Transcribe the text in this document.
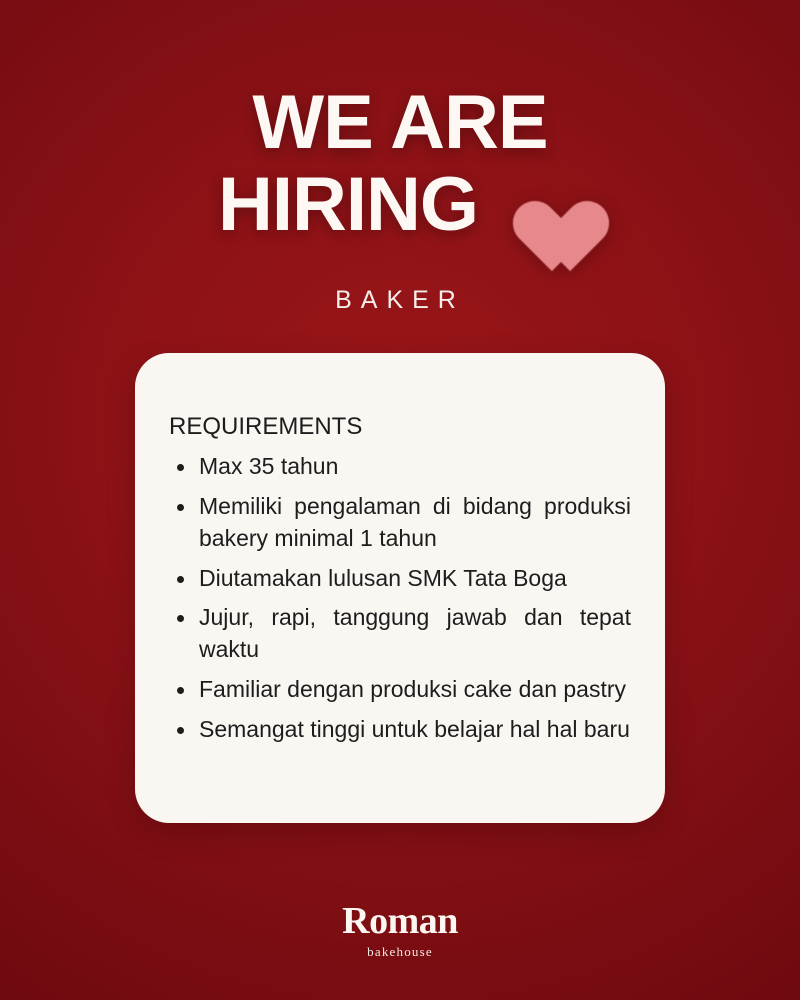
WE ARE
HIRING
BAKER
REQUIREMENTS
Max 35 tahun
Memiliki pengalaman di bidang produksi bakery minimal 1 tahun
Diutamakan lulusan SMK Tata Boga
Jujur, rapi, tanggung jawab dan tepat waktu
Familiar dengan produksi cake dan pastry
Semangat tinggi untuk belajar hal hal baru
Roman
bakehouse
